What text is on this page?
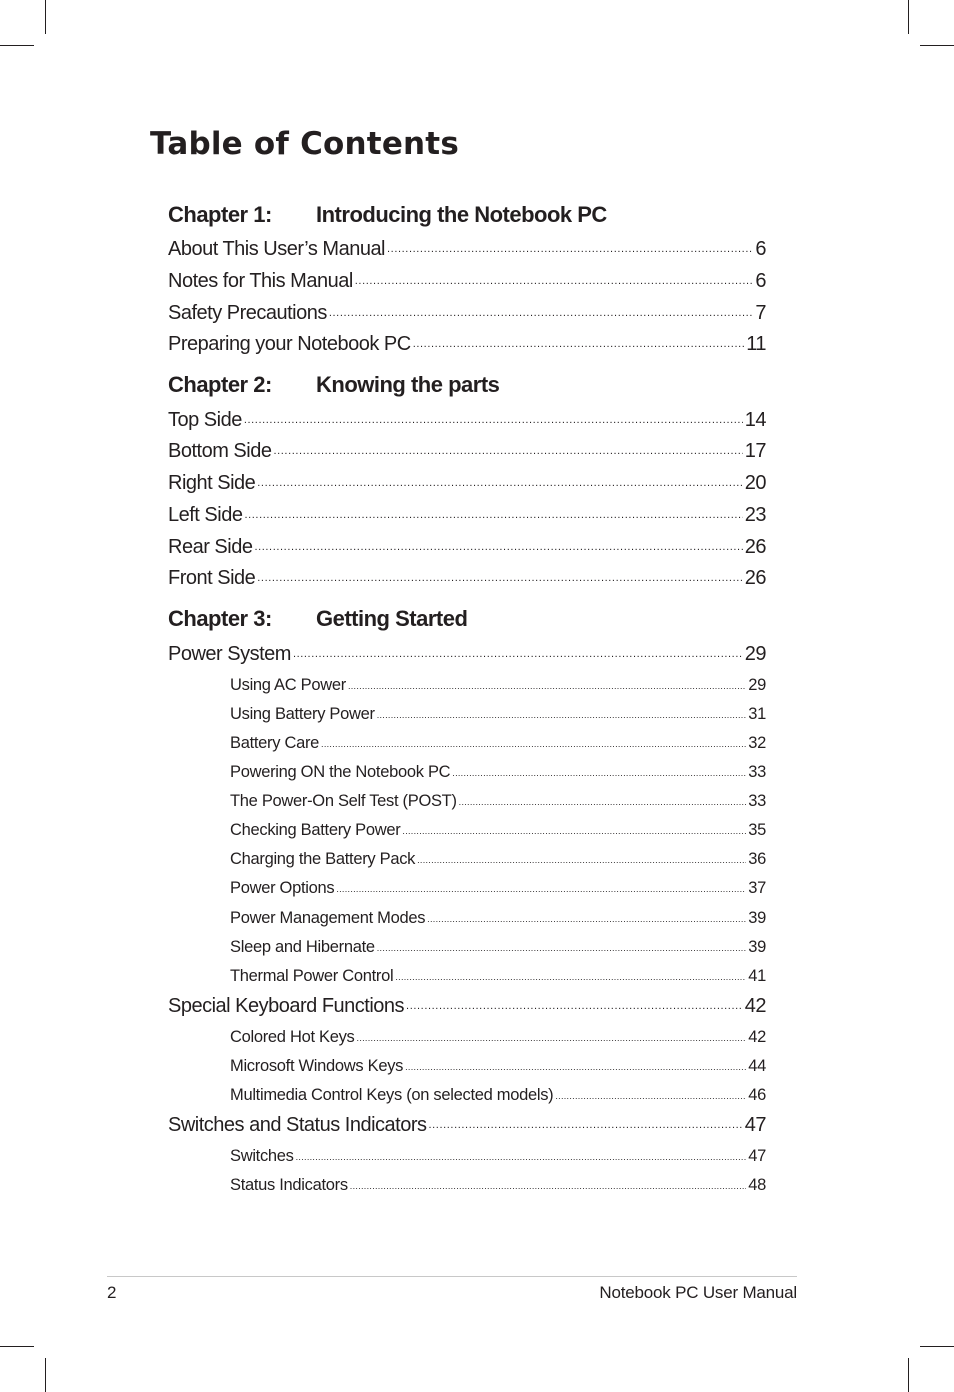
Table of Contents
Chapter 1:	Introducing the Notebook PC
About This User’s Manual .....	6
Notes for This Manual .....	6
Safety Precautions .....	7
Preparing your Notebook PC .....	11
Chapter 2:	Knowing the parts
Top Side .....	14
Bottom Side .....	17
Right Side .....	20
Left Side .....	23
Rear Side .....	26
Front Side .....	26
Chapter 3:	Getting Started
Power System .....	29
Using AC Power .....	29
Using Battery Power .....	31
Battery Care .....	32
Powering ON the Notebook PC .....	33
The Power-On Self Test (POST) .....	33
Checking Battery Power .....	35
Charging the Battery Pack .....	36
Power Options .....	37
Power Management Modes .....	39
Sleep and Hibernate .....	39
Thermal Power Control .....	41
Special Keyboard Functions .....	42
Colored Hot Keys .....	42
Microsoft Windows Keys .....	44
Multimedia Control Keys (on selected models) .....	46
Switches and Status Indicators .....	47
Switches .....	47
Status Indicators .....	48
2	Notebook PC User Manual
